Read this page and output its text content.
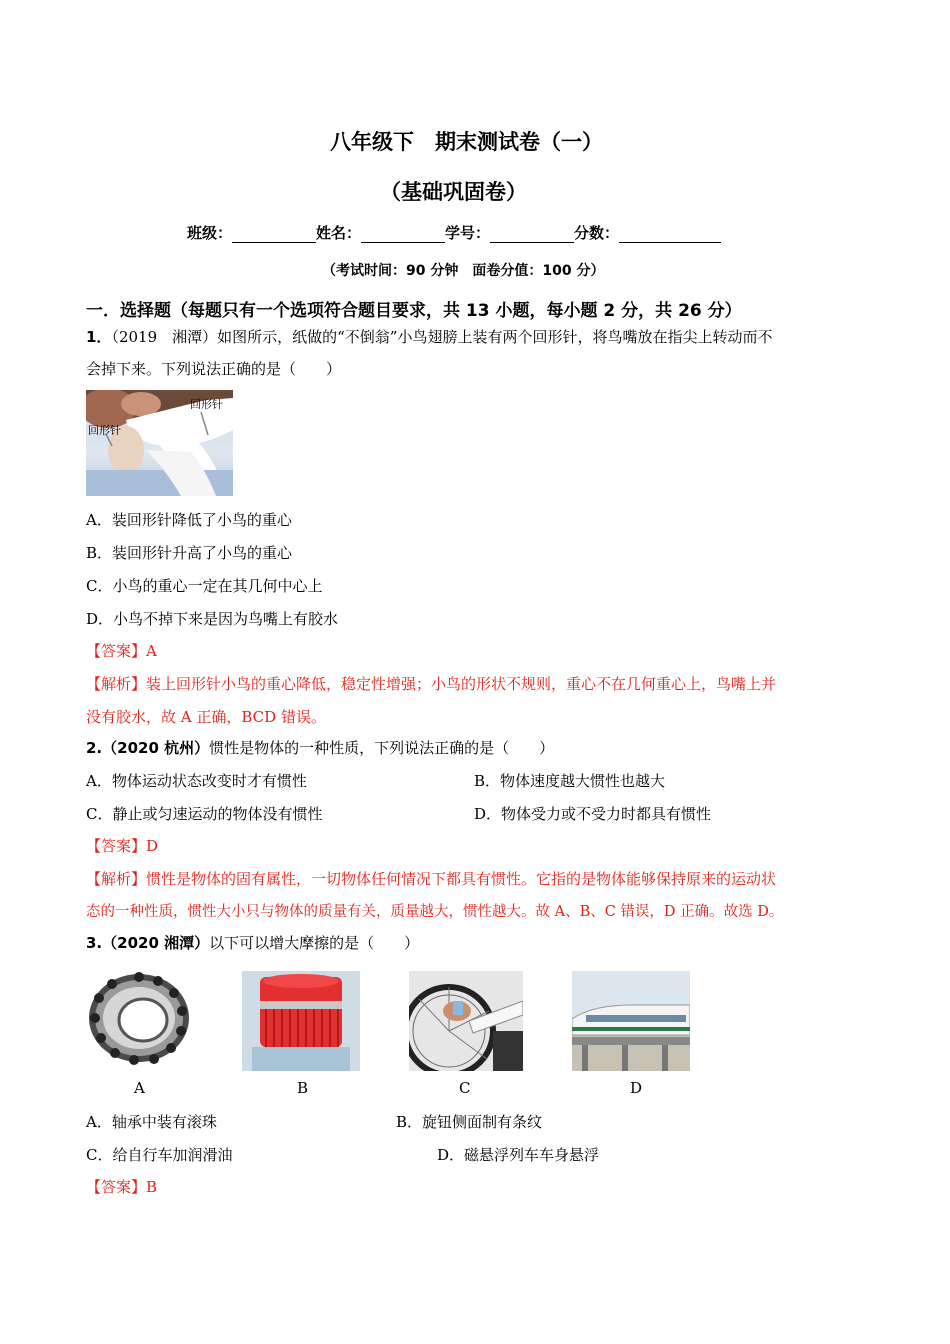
八年级下　期末测试卷（一）
（基础巩固卷）
班级：	姓名：	学号：	分数：
（考试时间：90 分钟　面卷分值：100 分）
一．选择题（每题只有一个选项符合题目要求，共 13 小题，每小题 2 分，共 26 分）
1．（2019　湘潭）如图所示，纸做的“不倒翁”小鸟翅膀上装有两个回形针，将鸟嘴放在指尖上转动而不
会掉下来。下列说法正确的是（　　）
回形针
回形针
A．装回形针降低了小鸟的重心
B．装回形针升高了小鸟的重心
C．小鸟的重心一定在其几何中心上
D．小鸟不掉下来是因为鸟嘴上有胶水
【答案】A
【解析】装上回形针小鸟的重心降低，稳定性增强；小鸟的形状不规则，重心不在几何重心上，鸟嘴上并
没有胶水，故 A 正确，BCD 错误。
2.（2020 杭州）惯性是物体的一种性质，下列说法正确的是（　　）
A．物体运动状态改变时才有惯性	B．物体速度越大惯性也越大
C．静止或匀速运动的物体没有惯性	D．物体受力或不受力时都具有惯性
【答案】D
【解析】惯性是物体的固有属性，一切物体任何情况下都具有惯性。它指的是物体能够保持原来的运动状
态的一种性质，惯性大小只与物体的质量有关，质量越大，惯性越大。故 A、B、C 错误，D 正确。故选 D。
3.（2020 湘潭）以下可以增大摩擦的是（　　）
A	B	C	D
A．轴承中装有滚珠	B．旋钮侧面制有条纹
C．给自行车加润滑油	D．磁悬浮列车车身悬浮
【答案】B
